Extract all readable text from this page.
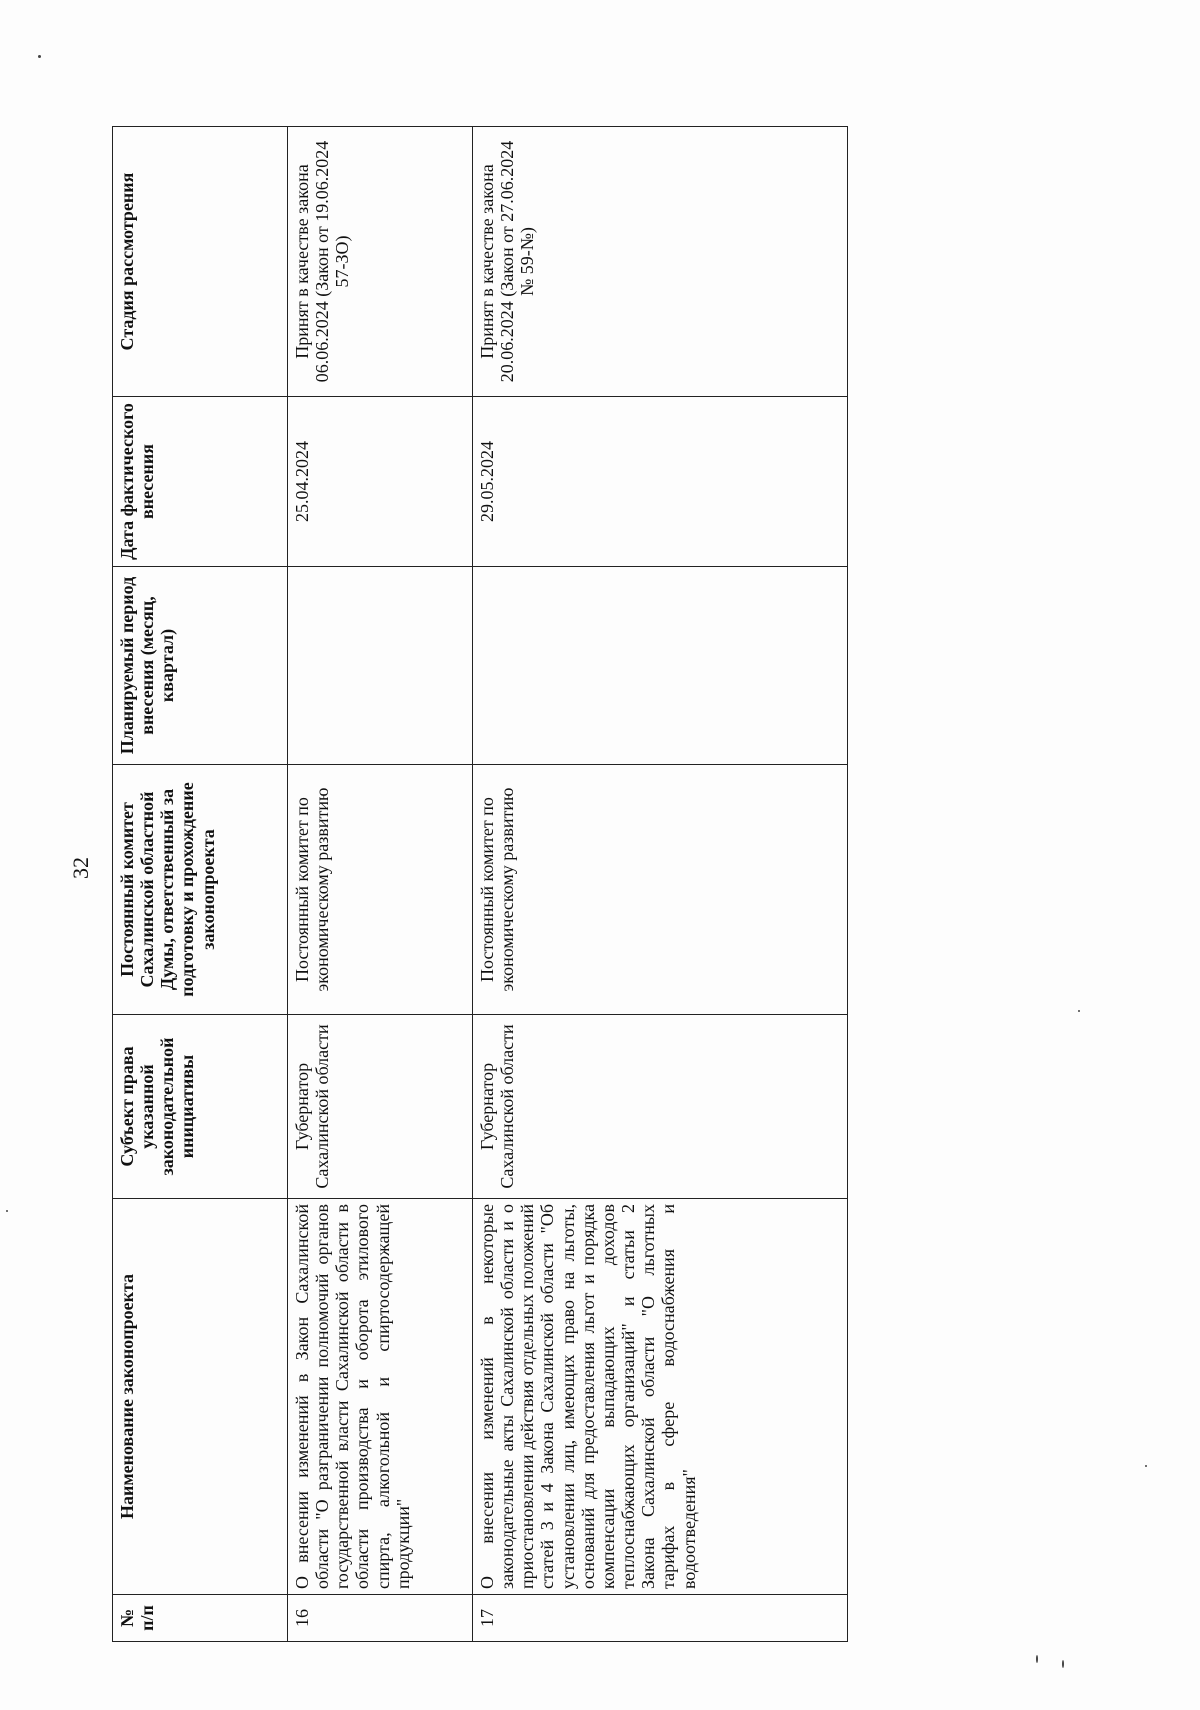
32
№ п/п	Наименование законопроекта	Субъект права указанной законодательной инициативы	Постоянный комитет Сахалинской областной Думы, ответственный за подготовку и прохождение законопроекта	Планируемый период внесения (месяц, квартал)	Дата фактического внесения	Стадия рассмотрения
16	О внесении изменений в Закон Сахалинской области "О разграничении полномочий органов государственной власти Сахалинской области в области производства и оборота этилового спирта, алкогольной и спиртосодержащей продукции"	Губернатор Сахалинской области	Постоянный комитет по экономическому развитию		25.04.2024	Принят в качестве закона 06.06.2024 (Закон от 19.06.2024 57-ЗО)
17	О внесении изменений в некоторые законодательные акты Сахалинской области и о приостановлении действия отдельных положений статей 3 и 4 Закона Сахалинской области "Об установлении лиц, имеющих право на льготы, оснований для предоставления льгот и порядка компенсации выпадающих доходов теплоснабжающих организаций" и статьи 2 Закона Сахалинской области "О льготных тарифах в сфере водоснабжения и водоотведения"	Губернатор Сахалинской области	Постоянный комитет по экономическому развитию		29.05.2024	Принят в качестве закона 20.06.2024 (Закон от 27.06.2024 № 59-№)
